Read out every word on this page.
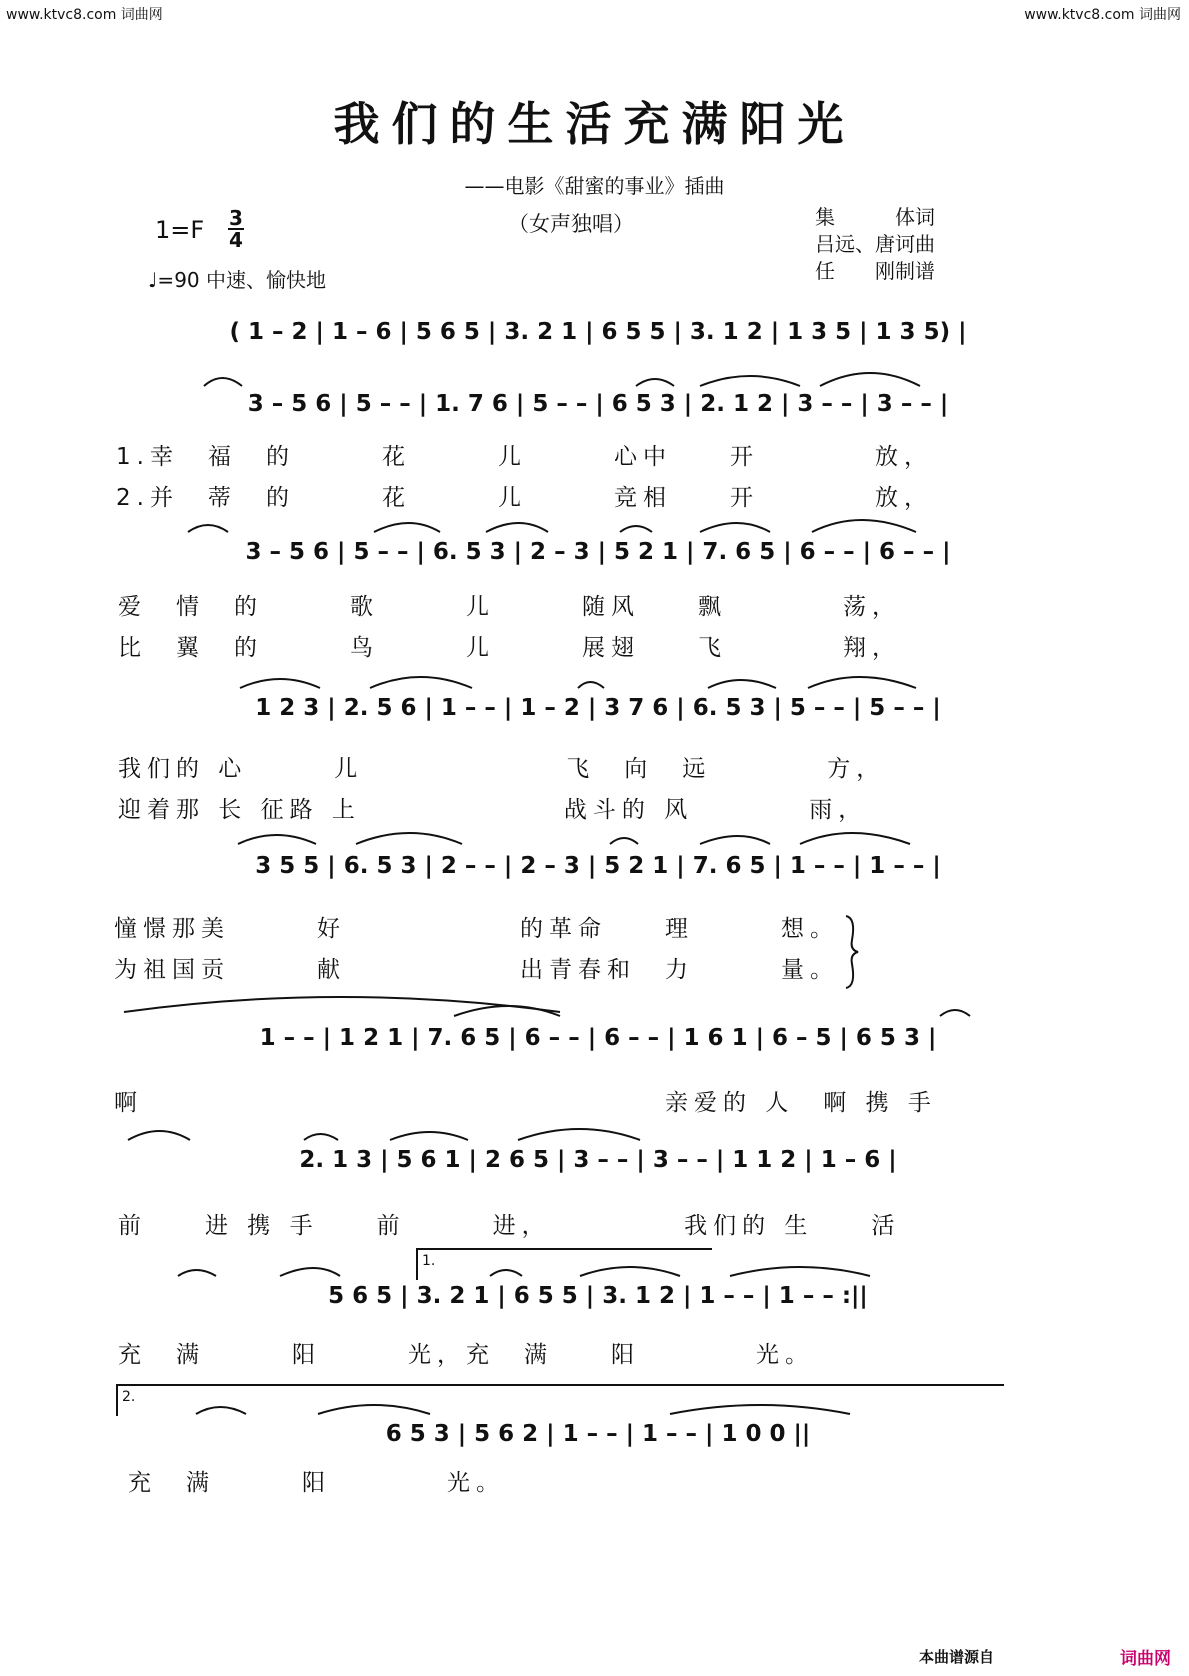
www.ktvc8.com 词曲网	www.ktvc8.com 词曲网
我们的生活充满阳光
——电影《甜蜜的事业》插曲
1=F 3
4
（女声独唱）
♩=90 中速、愉快地
集　　　体词
吕远、唐诃曲
任　　刚制谱
( 1 – 2 | 1 – 6 | 5 6 5 | 3. 2 1 | 6 5 5 | 3. 1 2 | 1 3 5 | 1 3 5) |
3 – 5 6 | 5 – – | 1. 7 6 | 5 – – | 6 5 3 | 2. 1 2 | 3 – – | 3 – – |
1.幸　福　的　　　花　　　儿　　　心中　　开　　　　放，
2.并　蒂　的　　　花　　　儿　　　竞相　　开　　　　放，
3 – 5 6 | 5 – – | 6. 5 3 | 2 – 3 | 5 2 1 | 7. 6 5 | 6 – – | 6 – – |
爱　情　的　　　歌　　　儿　　　随风　　飘　　　　荡，
比　翼　的　　　鸟　　　儿　　　展翅　　飞　　　　翔，
1 2 3 | 2. 5 6 | 1 – – | 1 – 2 | 3 7 6 | 6. 5 3 | 5 – – | 5 – – |
我们的 心　　　儿　　　　　　　飞　向　远　　　　方，
迎着那 长 征路 上　　　　　　　战斗的 风　　　　雨，
3 5 5 | 6. 5 3 | 2 – – | 2 – 3 | 5 2 1 | 7. 6 5 | 1 – – | 1 – – |
憧憬那美　　　好　　　　　　的革命　　理　　　想。
为祖国贡　　　献　　　　　　出青春和　力　　　量。
1 – – | 1 2 1 | 7. 6 5 | 6 – – | 6 – – | 1 6 1 | 6 – 5 | 6 5 3 |
啊　　　　　　　　　　　　　　　　　　亲爱的 人　啊 携 手
2. 1 3 | 5 6 1 | 2 6 5 | 3 – – | 3 – – | 1 1 2 | 1 – 6 |
前　　进 携 手　　前　　　进，　　　　　我们的 生　　活
1.
5 6 5 | 3. 2 1 | 6 5 5 | 3. 1 2 | 1 – – | 1 – – :||
充　满　　　阳　　　光，充　满　　阳　　　　光。
2.
6 5 3 | 5 6 2 | 1 – – | 1 – – | 1 0 0 ||
充　满　　　阳　　　　光。
本曲谱源自	词曲网
